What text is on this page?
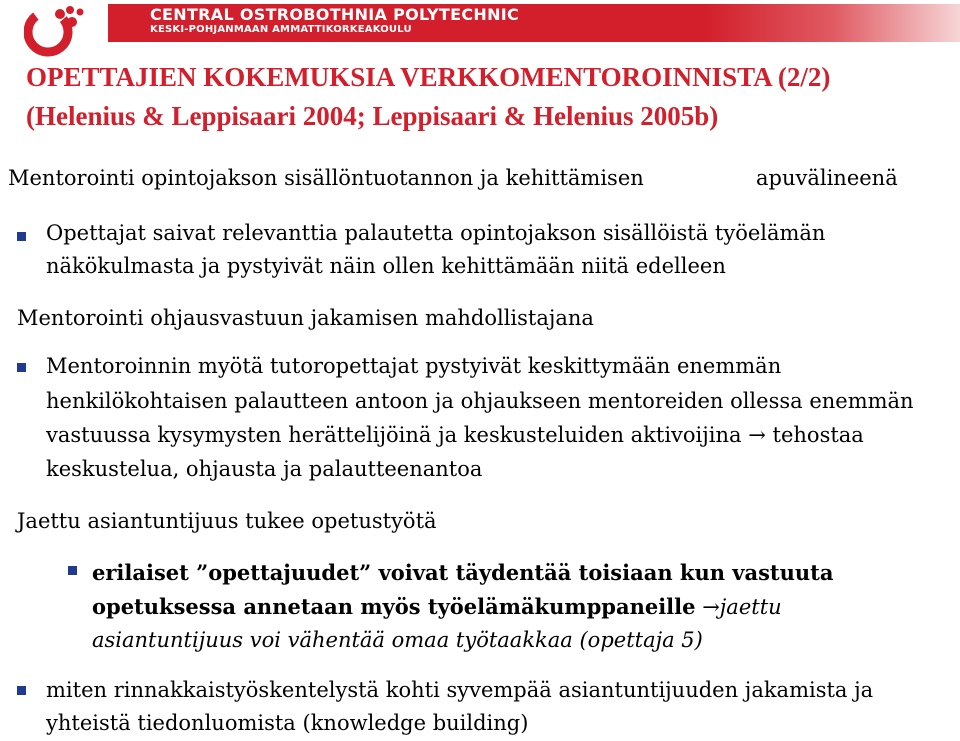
CENTRAL OSTROBOTHNIA POLYTECHNIC
KESKI-POHJANMAAN AMMATTIKORKEAKOULU
OPETTAJIEN KOKEMUKSIA VERKKOMENTOROINNISTA (2/2)
(Helenius & Leppisaari 2004; Leppisaari & Helenius 2005b)
Mentorointi opintojakson sisällöntuotannon ja kehittämisen	apuvälineenä
Opettajat saivat relevanttia palautetta opintojakson sisällöistä työelämän
näkökulmasta ja pystyivät näin ollen kehittämään niitä edelleen
Mentorointi ohjausvastuun jakamisen mahdollistajana
Mentoroinnin myötä tutoropettajat pystyivät keskittymään enemmän
henkilökohtaisen palautteen antoon ja ohjaukseen mentoreiden ollessa enemmän
vastuussa kysymysten herättelijöinä ja keskusteluiden aktivoijina → tehostaa
keskustelua, ohjausta ja palautteenantoa
Jaettu asiantuntijuus tukee opetustyötä
erilaiset ”opettajuudet” voivat täydentää toisiaan kun vastuuta
opetuksessa annetaan myös työelämäkumppaneille →jaettu
asiantuntijuus voi vähentää omaa työtaakkaa (opettaja 5)
miten rinnakkaistyöskentelystä kohti syvempää asiantuntijuuden jakamista ja
yhteistä tiedonluomista (knowledge building)
